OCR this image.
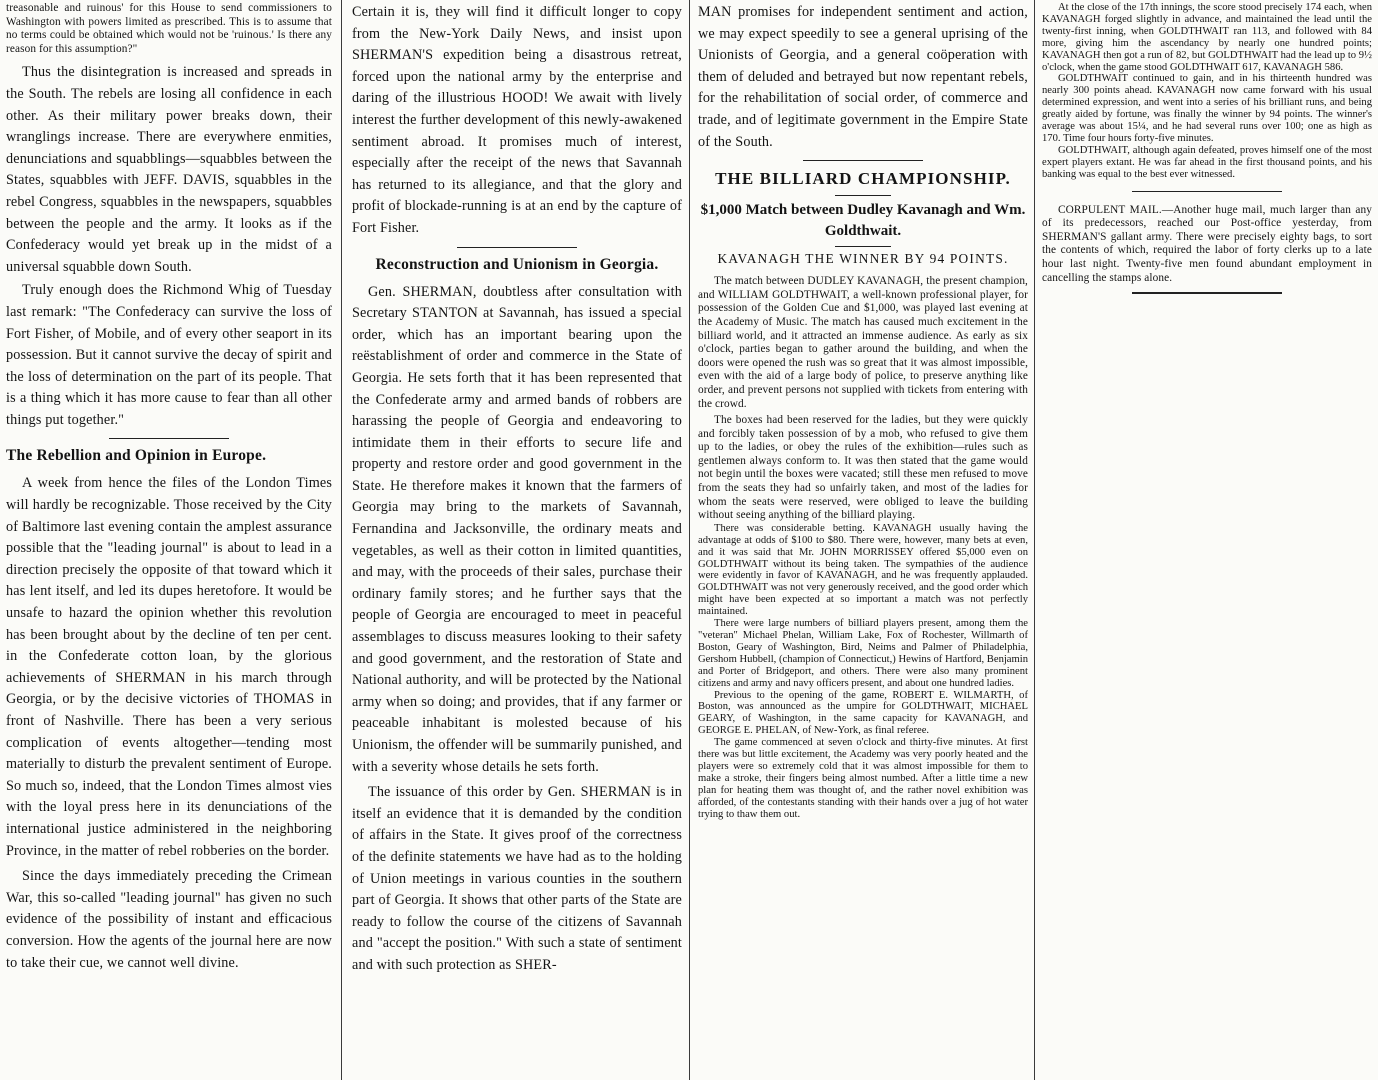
treasonable and ruinous' for this House to send commissioners to Washington with powers limited as prescribed. This is to assume that no terms could be obtained which would not be 'ruinous.' Is there any reason for this assumption?"

Thus the disintegration is increased and spreads in the South. The rebels are losing all confidence in each other. As their military power breaks down, their wranglings increase. There are everywhere enmities, denunciations and squabblings—squabbles between the States, squabbles with JEFF. DAVIS, squabbles in the rebel Congress, squabbles in the newspapers, squabbles between the people and the army. It looks as if the Confederacy would yet break up in the midst of a universal squabble down South.

Truly enough does the Richmond Whig of Tuesday last remark: "The Confederacy can survive the loss of Fort Fisher, of Mobile, and of every other seaport in its possession. But it cannot survive the decay of spirit and the loss of determination on the part of its people. That is a thing which it has more cause to fear than all other things put together."

The Rebellion and Opinion in Europe.

A week from hence the files of the London Times will hardly be recognizable. Those received by the City of Baltimore last evening contain the amplest assurance possible that the "leading journal" is about to lead in a direction precisely the opposite of that toward which it has lent itself, and led its dupes heretofore. It would be unsafe to hazard the opinion whether this revolution has been brought about by the decline of ten per cent. in the Confederate cotton loan, by the glorious achievements of SHERMAN in his march through Georgia, or by the decisive victories of THOMAS in front of Nashville. There has been a very serious complication of events altogether—tending most materially to disturb the prevalent sentiment of Europe. So much so, indeed, that the London Times almost vies with the loyal press here in its denunciations of the international justice administered in the neighboring Province, in the matter of rebel robberies on the border.

Since the days immediately preceding the Crimean War, this so-called "leading journal" has given no such evidence of the possibility of instant and efficacious conversion. How the agents of the journal here are now to take their cue, we cannot well divine.

Certain it is, they will find it difficult longer to copy from the New-York Daily News, and insist upon SHERMAN'S expedition being a disastrous retreat, forced upon the national army by the enterprise and daring of the illustrious HOOD! We await with lively interest the further development of this newly-awakened sentiment abroad. It promises much of interest, especially after the receipt of the news that Savannah has returned to its allegiance, and that the glory and profit of blockade-running is at an end by the capture of Fort Fisher.

Reconstruction and Unionism in Georgia.

Gen. SHERMAN, doubtless after consultation with Secretary STANTON at Savannah, has issued a special order, which has an important bearing upon the reëstablishment of order and commerce in the State of Georgia. He sets forth that it has been represented that the Confederate army and armed bands of robbers are harassing the people of Georgia and endeavoring to intimidate them in their efforts to secure life and property and restore order and good government in the State. He therefore makes it known that the farmers of Georgia may bring to the markets of Savannah, Fernandina and Jacksonville, the ordinary meats and vegetables, as well as their cotton in limited quantities, and may, with the proceeds of their sales, purchase their ordinary family stores; and he further says that the people of Georgia are encouraged to meet in peaceful assemblages to discuss measures looking to their safety and good government, and the restoration of State and National authority, and will be protected by the National army when so doing; and provides, that if any farmer or peaceable inhabitant is molested because of his Unionism, the offender will be summarily punished, and with a severity whose details he sets forth.

The issuance of this order by Gen. SHERMAN is in itself an evidence that it is demanded by the condition of affairs in the State. It gives proof of the correctness of the definite statements we have had as to the holding of Union meetings in various counties in the southern part of Georgia. It shows that other parts of the State are ready to follow the course of the citizens of Savannah and "accept the position." With such a state of sentiment and with such protection as SHER-

MAN promises for independent sentiment and action, we may expect speedily to see a general uprising of the Unionists of Georgia, and a general coöperation with them of deluded and betrayed but now repentant rebels, for the rehabilitation of social order, of commerce and trade, and of legitimate government in the Empire State of the South.

THE BILLIARD CHAMPIONSHIP.
$1,000 Match between Dudley Kavanagh and Wm. Goldthwait.
KAVANAGH THE WINNER BY 94 POINTS.

The match between DUDLEY KAVANAGH, the present champion, and WILLIAM GOLDTHWAIT, a well-known professional player, for possession of the Golden Cue and $1,000, was played last evening at the Academy of Music. The match has caused much excitement in the billiard world, and it attracted an immense audience. As early as six o'clock, parties began to gather around the building, and when the doors were opened the rush was so great that it was almost impossible, even with the aid of a large body of police, to preserve anything like order, and prevent persons not supplied with tickets from entering with the crowd.

The boxes had been reserved for the ladies, but they were quickly and forcibly taken possession of by a mob, who refused to give them up to the ladies, or obey the rules of the exhibition—rules such as gentlemen always conform to. It was then stated that the game would not begin until the boxes were vacated; still these men refused to move from the seats they had so unfairly taken, and most of the ladies for whom the seats were reserved, were obliged to leave the building without seeing anything of the billiard playing.

There was considerable betting. KAVANAGH usually having the advantage at odds of $100 to $80. There were, however, many bets at even, and it was said that Mr. JOHN MORRISSEY offered $5,000 even on GOLDTHWAIT without its being taken. The sympathies of the audience were evidently in favor of KAVANAGH, and he was frequently applauded. GOLDTHWAIT was not very generously received, and the good order which might have been expected at so important a match was not perfectly maintained.

There were large numbers of billiard players present, among them the "veteran" Michael Phelan, William Lake, Fox of Rochester, Willmarth of Boston, Geary of Washington, Bird, Neims and Palmer of Philadelphia, Gershom Hubbell, (champion of Connecticut,) Hewins of Hartford, Benjamin and Porter of Bridgeport, and others. There were also many prominent citizens and army and navy officers present, and about one hundred ladies.

Previous to the opening of the game, ROBERT E. WILMARTH, of Boston, was announced as the umpire for GOLDTHWAIT, MICHAEL GEARY, of Washington, in the same capacity for KAVANAGH, and GEORGE E. PHELAN, of New-York, as final referee.

The game commenced at seven o'clock and thirty-five minutes. At first there was but little excitement, the Academy was very poorly heated and the players were so extremely cold that it was almost impossible for them to make a stroke, their fingers being almost numbed. After a little time a new plan for heating them was thought of, and the rather novel exhibition was afforded, of the contestants standing with their hands over a jug of hot water trying to thaw them out.

At the close of the 17th innings, the score stood precisely 174 each, when KAVANAGH forged slightly in advance, and maintained the lead until the twenty-first inning, when GOLDTHWAIT ran 113, and followed with 84 more, giving him the ascendancy by nearly one hundred points; KAVANAGH then got a run of 82, but GOLDTHWAIT had the lead up to 9½ o'clock, when the game stood GOLDTHWAIT 617, KAVANAGH 586.

GOLDTHWAIT continued to gain, and in his thirteenth hundred was nearly 300 points ahead. KAVANAGH now came forward with his usual determined expression, and went into a series of his brilliant runs, and being greatly aided by fortune, was finally the winner by 94 points. The winner's average was about 15¼, and he had several runs over 100; one as high as 170. Time four hours forty-five minutes.

GOLDTHWAIT, although again defeated, proves himself one of the most expert players extant. He was far ahead in the first thousand points, and his banking was equal to the best ever witnessed.

CORPULENT MAIL.—Another huge mail, much larger than any of its predecessors, reached our Post-office yesterday, from SHERMAN'S gallant army. There were precisely eighty bags, to sort the contents of which, required the labor of forty clerks up to a late hour last night. Twenty-five men found abundant employment in cancelling the stamps alone.
